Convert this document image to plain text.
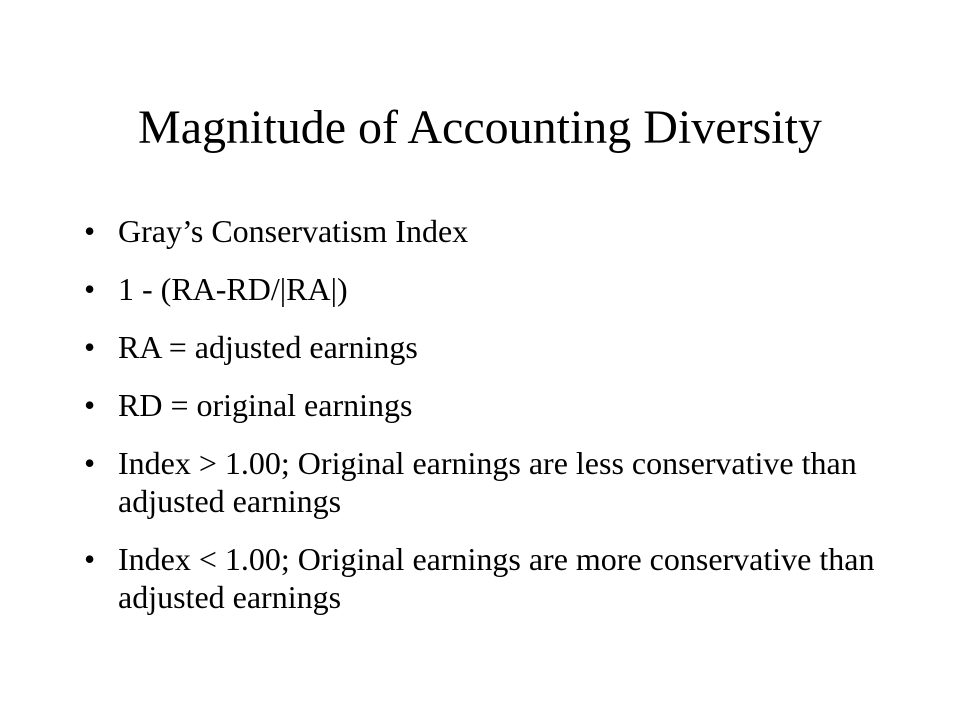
Magnitude of Accounting Diversity
• Gray’s Conservatism Index
• 1 - (RA-RD/|RA|)
• RA = adjusted earnings
• RD = original earnings
• Index > 1.00; Original earnings are less conservative than adjusted earnings
• Index < 1.00; Original earnings are more conservative than adjusted earnings
